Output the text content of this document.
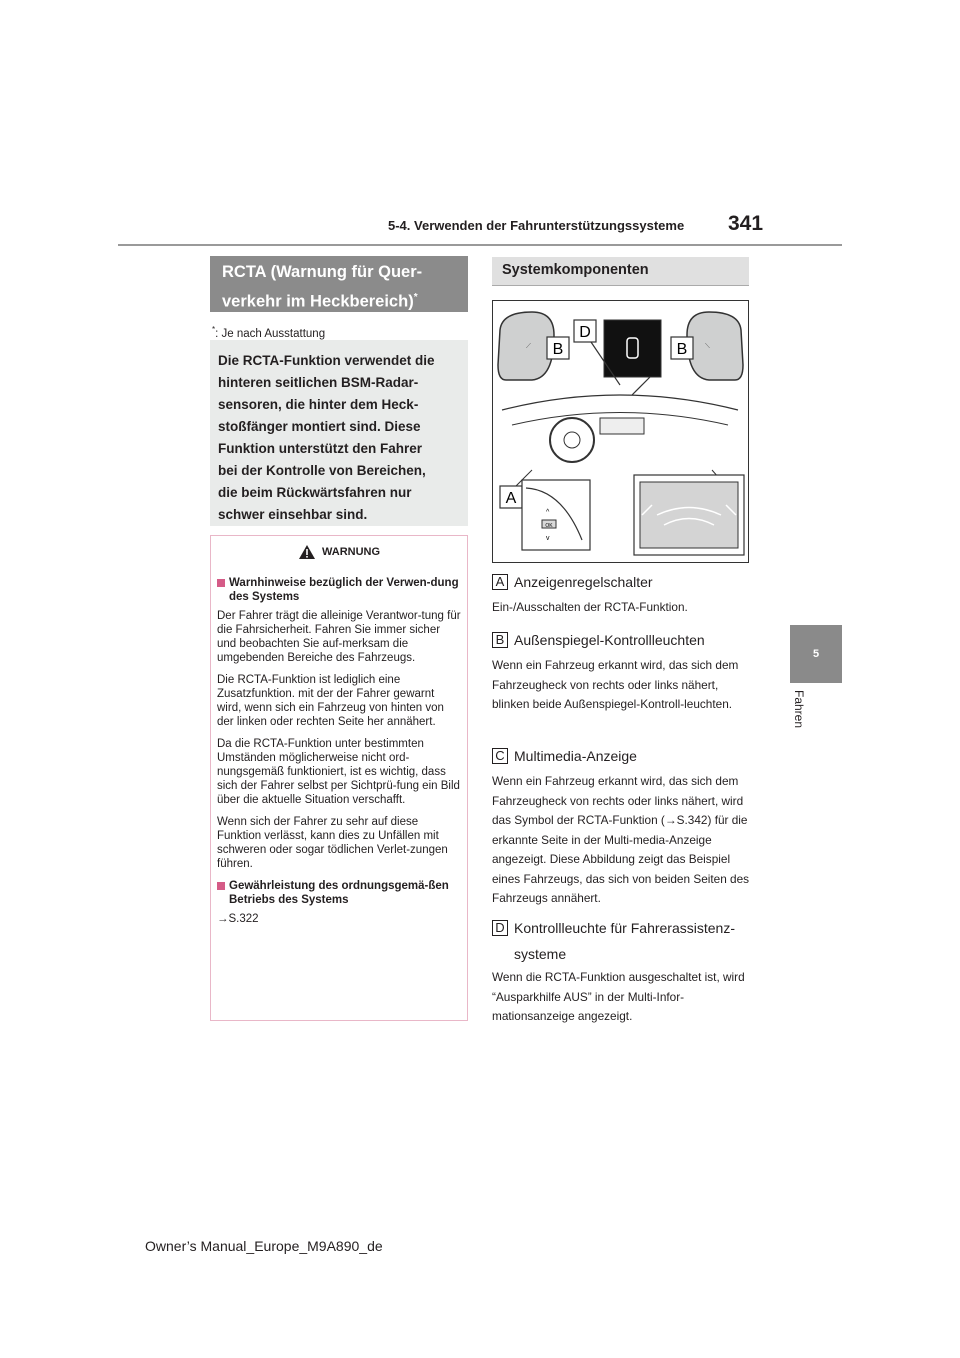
5-4. Verwenden der Fahrunterstützungssysteme 341
5
Fahren
RCTA (Warnung für Quer-
verkehr im Heckbereich)*
*: Je nach Ausstattung
Die RCTA-Funktion verwendet die
hinteren seitlichen BSM-Radar-
sensoren, die hinter dem Heck-
stoßfänger montiert sind. Diese
Funktion unterstützt den Fahrer
bei der Kontrolle von Bereichen,
die beim Rückwärtsfahren nur
schwer einsehbar sind.
WARNUNG
Warnhinweise bezüglich der Verwen-dung des Systems

Der Fahrer trägt die alleinige Verantwor-tung für die Fahrsicherheit. Fahren Sie immer sicher und beobachten Sie auf-merksam die umgebenden Bereiche des Fahrzeugs.

Die RCTA-Funktion ist lediglich eine Zusatzfunktion. mit der der Fahrer gewarnt wird, wenn sich ein Fahrzeug von hinten von der linken oder rechten Seite her annähert.

Da die RCTA-Funktion unter bestimmten Umständen möglicherweise nicht ord-nungsgemäß funktioniert, ist es wichtig, dass sich der Fahrer selbst per Sichtprü-fung ein Bild über die aktuelle Situation verschafft.

Wenn sich der Fahrer zu sehr auf diese Funktion verlässt, kann dies zu Unfällen mit schweren oder sogar tödlichen Verlet-zungen führen.

Gewährleistung des ordnungsgemä-ßen Betriebs des Systems
→S.322
Systemkomponenten
⟋	⟍
B	B
D
A
OK
^
v
A Anzeigenregelschalter
Ein-/Ausschalten der RCTA-Funktion.
B Außenspiegel-Kontrollleuchten
Wenn ein Fahrzeug erkannt wird, das sich dem Fahrzeugheck von rechts oder links nähert, blinken beide Außenspiegel-Kontroll-leuchten.
C Multimedia-Anzeige
Wenn ein Fahrzeug erkannt wird, das sich dem Fahrzeugheck von rechts oder links nähert, wird das Symbol der RCTA-Funktion (→S.342) für die erkannte Seite in der Multi-media-Anzeige angezeigt. Diese Abbildung zeigt das Beispiel eines Fahrzeugs, das sich von beiden Seiten des Fahrzeugs annähert.
D Kontrollleuchte für Fahrerassistenz-
systeme
Wenn die RCTA-Funktion ausgeschaltet ist, wird “Ausparkhilfe AUS” in der Multi-Infor-mationsanzeige angezeigt.
Owner’s Manual_Europe_M9A890_de
